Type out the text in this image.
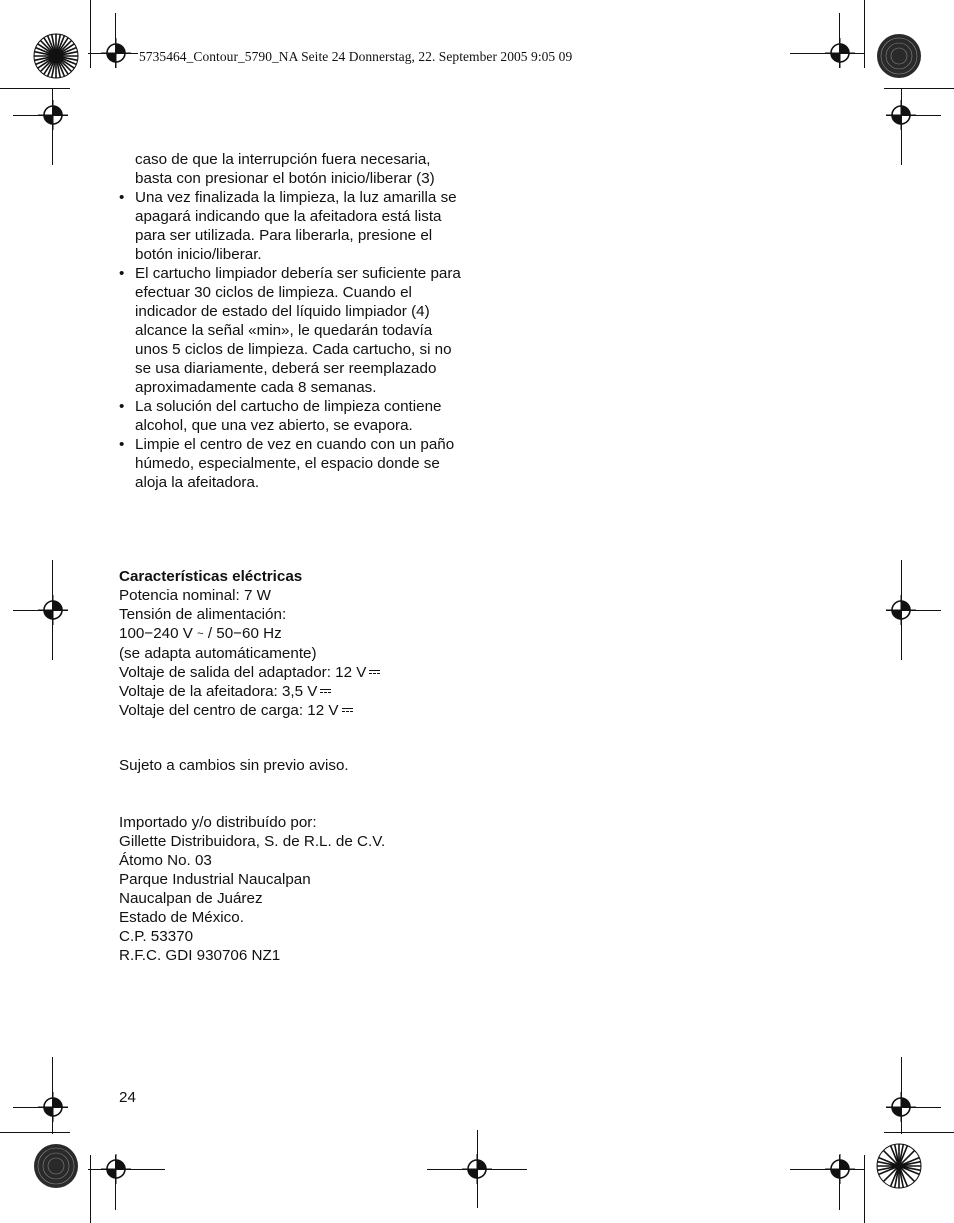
5735464_Contour_5790_NA Seite 24 Donnerstag, 22. September 2005 9:05 09

caso de que la interrupción fuera necesaria, basta con presionar el botón inicio/liberar (3)

• Una vez finalizada la limpieza, la luz amarilla se apagará indicando que la afeitadora está lista para ser utilizada. Para liberarla, presione el botón inicio/liberar.
• El cartucho limpiador debería ser suficiente para efectuar 30 ciclos de limpieza. Cuando el indicador de estado del líquido limpiador (4) alcance la señal «min», le quedarán todavía unos 5 ciclos de limpieza. Cada cartucho, si no se usa diariamente, deberá ser reemplazado aproximadamente cada 8 semanas.
• La solución del cartucho de limpieza contiene alcohol, que una vez abierto, se evapora.
• Limpie el centro de vez en cuando con un paño húmedo, especialmente, el espacio donde se aloja la afeitadora.

Características eléctricas

Potencia nominal: 7 W

Tensión de alimentación:

100−240 V ~ / 50−60 Hz

(se adapta automáticamente)

Voltaje de salida del adaptador: 12 V

Voltaje de la afeitadora: 3,5 V

Voltaje del centro de carga: 12 V

Sujeto a cambios sin previo aviso.

Importado y/o distribuído por:

Gillette Distribuidora, S. de R.L. de C.V.

Átomo No. 03

Parque Industrial Naucalpan

Naucalpan de Juárez

Estado de México.

C.P. 53370

R.F.C. GDI 930706 NZ1

24
